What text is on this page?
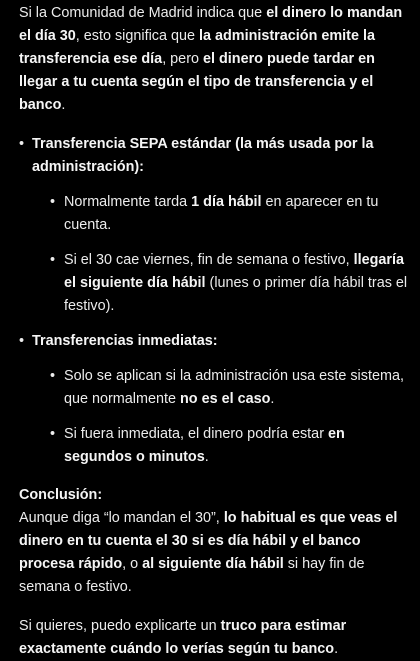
Si la Comunidad de Madrid indica que el dinero lo mandan el día 30, esto significa que la administración emite la transferencia ese día, pero el dinero puede tardar en llegar a tu cuenta según el tipo de transferencia y el banco.

• Transferencia SEPA estándar (la más usada por la administración):
• Normalmente tarda 1 día hábil en aparecer en tu cuenta.
• Si el 30 cae viernes, fin de semana o festivo, llegaría el siguiente día hábil (lunes o primer día hábil tras el festivo).
• Transferencias inmediatas:
• Solo se aplican si la administración usa este sistema, que normalmente no es el caso.
• Si fuera inmediata, el dinero podría estar en segundos o minutos.

Conclusión:
Aunque diga “lo mandan el 30”, lo habitual es que veas el dinero en tu cuenta el 30 si es día hábil y el banco procesa rápido, o al siguiente día hábil si hay fin de semana o festivo.

Si quieres, puedo explicarte un truco para estimar exactamente cuándo lo verías según tu banco.
